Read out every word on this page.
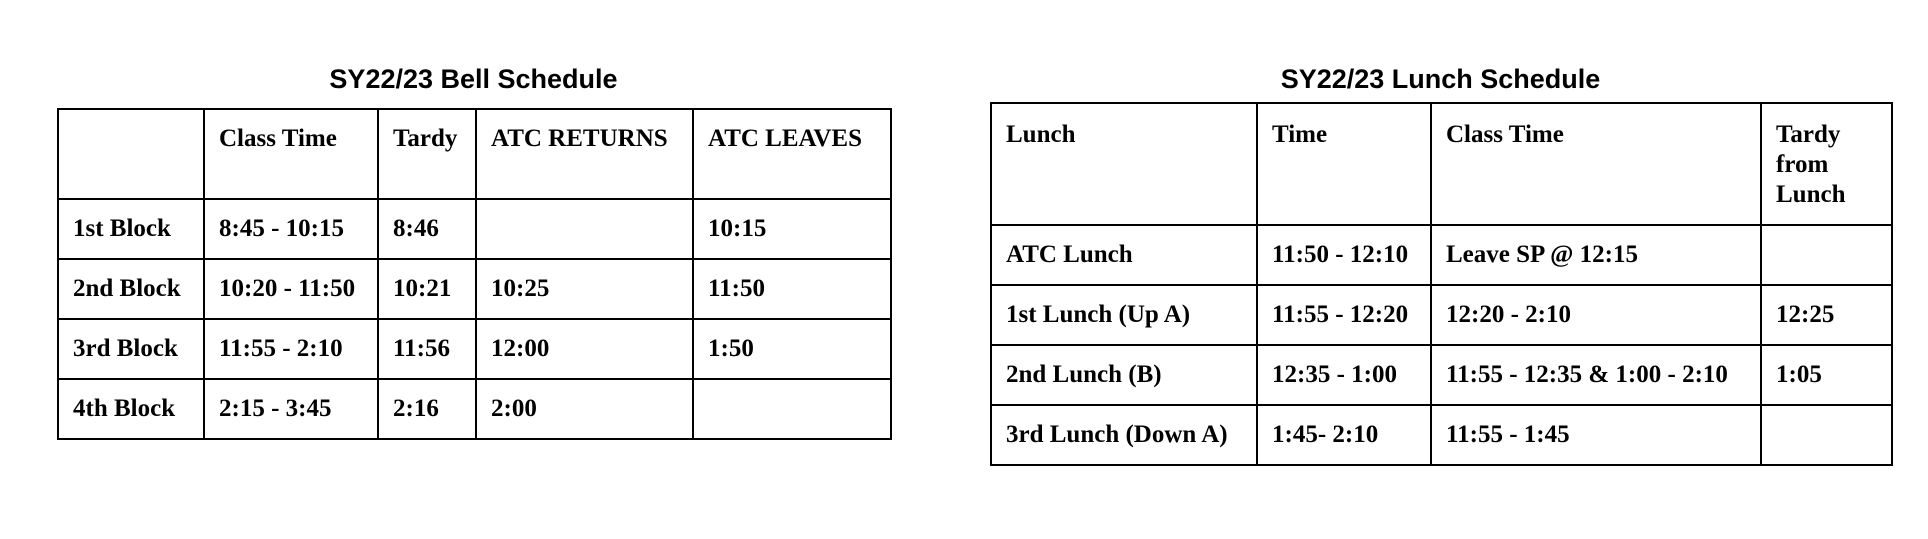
SY22/23 Bell Schedule
	Class Time	Tardy	ATC RETURNS	ATC LEAVES
1st Block	8:45 - 10:15	8:46		10:15
2nd Block	10:20 - 11:50	10:21	10:25	11:50
3rd Block	11:55 - 2:10	11:56	12:00	1:50
4th Block	2:15 - 3:45	2:16	2:00	
SY22/23 Lunch Schedule
Lunch	Time	Class Time	Tardy from Lunch
ATC Lunch	11:50 - 12:10	Leave SP @ 12:15	
1st Lunch (Up A)	11:55 - 12:20	12:20 - 2:10	12:25
2nd Lunch (B)	12:35 - 1:00	11:55 - 12:35 & 1:00 - 2:10	1:05
3rd Lunch (Down A)	1:45- 2:10	11:55 - 1:45	
